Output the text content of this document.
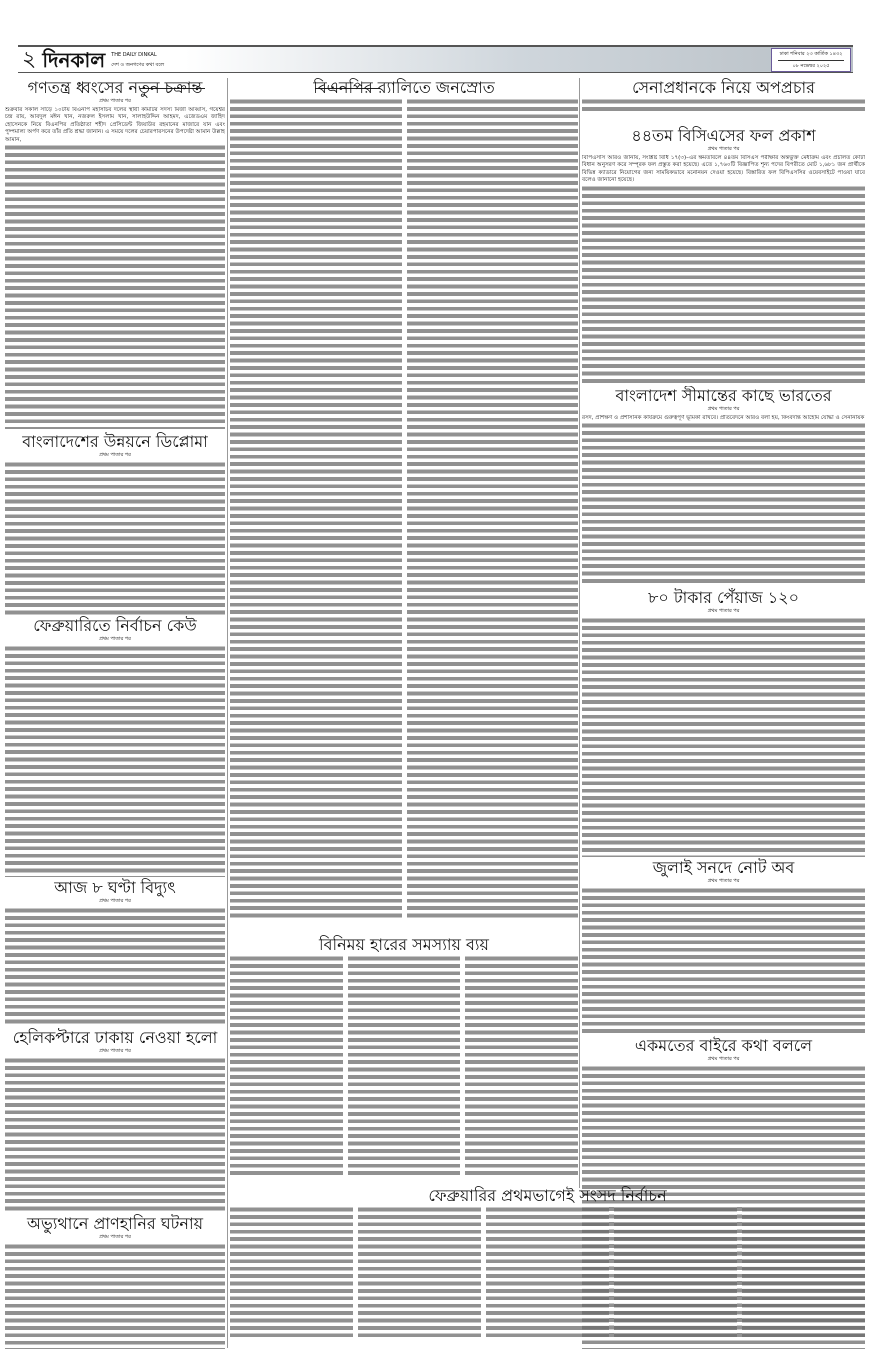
২ দিনকাল THE DAILY DINKAL
দেশ ও জনগণের কথা বলে
ঢাকা শনিবার ২৩ কার্তিক ১৪৩২
০৮ নভেম্বর ২০২৫
গণতন্ত্র ধ্বংসের নতুন চক্রান্ত
প্রথম পাতার পর
শুক্রবার সকাল সাড়ে ১০টায় বিএনপি মহাসচিব দলের স্থায়ী কমিটির সদস্য মির্জা আব্বাস, গয়েশ্বর চন্দ্র রায়, আবদুল মঈন খান, নজরুল ইসলাম খান, সালাহউদ্দিন আহমদ, এজেডএম জাহিদ হোসেনকে নিয়ে বিএনপির প্রতিষ্ঠাতা শহীদ প্রেসিডেন্ট জিয়াউর রহমানের মাজারে যান এবং পুষ্পমাল্য অর্পণ করে তাঁর প্রতি শ্রদ্ধা জানান। এ সময়ে দলের চেয়ারপারসনের উপদেষ্টা আমান উল্লাহ আমান,
বিএনপির র‍্যালিতে জনস্রোত	সেনাপ্রধানকে নিয়ে অপপ্রচার
৪৪তম বিসিএসের ফল প্রকাশ
প্রথম পাতার পর
বিপিএসসি আরও জানায়, সংশ্লিষ্ট বিধি ১৭(৩)–এর ক্ষমতাবলে ৪৪তম বিসিএস পরীক্ষার অন্তর্ভুক্ত মেধাক্রম এবং প্রচলিত কোটা বিধান অনুসরণ করে সম্পূরক ফল প্রস্তুত করা হয়েছে। এতে ১,৭৬০টি বিজ্ঞাপিত শূন্য পদের বিপরীতে মোট ১,৬৮১ জন প্রার্থীকে বিভিন্ন ক্যাডারে নিয়োগের জন্য সাময়িকভাবে মনোনয়ন দেওয়া হয়েছে। বিস্তারিত ফল বিপিএসসির ওয়েবসাইটে পাওয়া যাবে বলেও জানানো হয়েছে।
বাংলাদেশ সীমান্তের কাছে ভারতের
প্রথম পাতার পর
রসদ, প্রশিক্ষণ ও প্রশাসনিক কার্যক্রমে গুরুত্বপূর্ণ ভূমিকা রাখবে। প্রতিবেদনে আরও বলা হয়, কিংবদন্তি আহোম যোদ্ধা ও সেনানায়ক
বাংলাদেশের উন্নয়নে ডিপ্লোমা
প্রথম পাতার পর
ফেব্রুয়ারিতে নির্বাচন কেউ
প্রথম পাতার পর
৮০ টাকার পেঁয়াজ ১২০
প্রথম পাতার পর
জুলাই সনদে নোট অব
প্রথম পাতার পর
আজ ৮ ঘণ্টা বিদ্যুৎ
প্রথম পাতার পর
বিনিময় হারের সমস্যায় ব্যয়
হেলিকপ্টারে ঢাকায় নেওয়া হলো
প্রথম পাতার পর	একমতের বাইরে কথা বললে
প্রথম পাতার পর
ফেব্রুয়ারির প্রথমভাগেই সংসদ নির্বাচন
অভ্যুথানে প্রাণহানির ঘটনায়
প্রথম পাতার পর
